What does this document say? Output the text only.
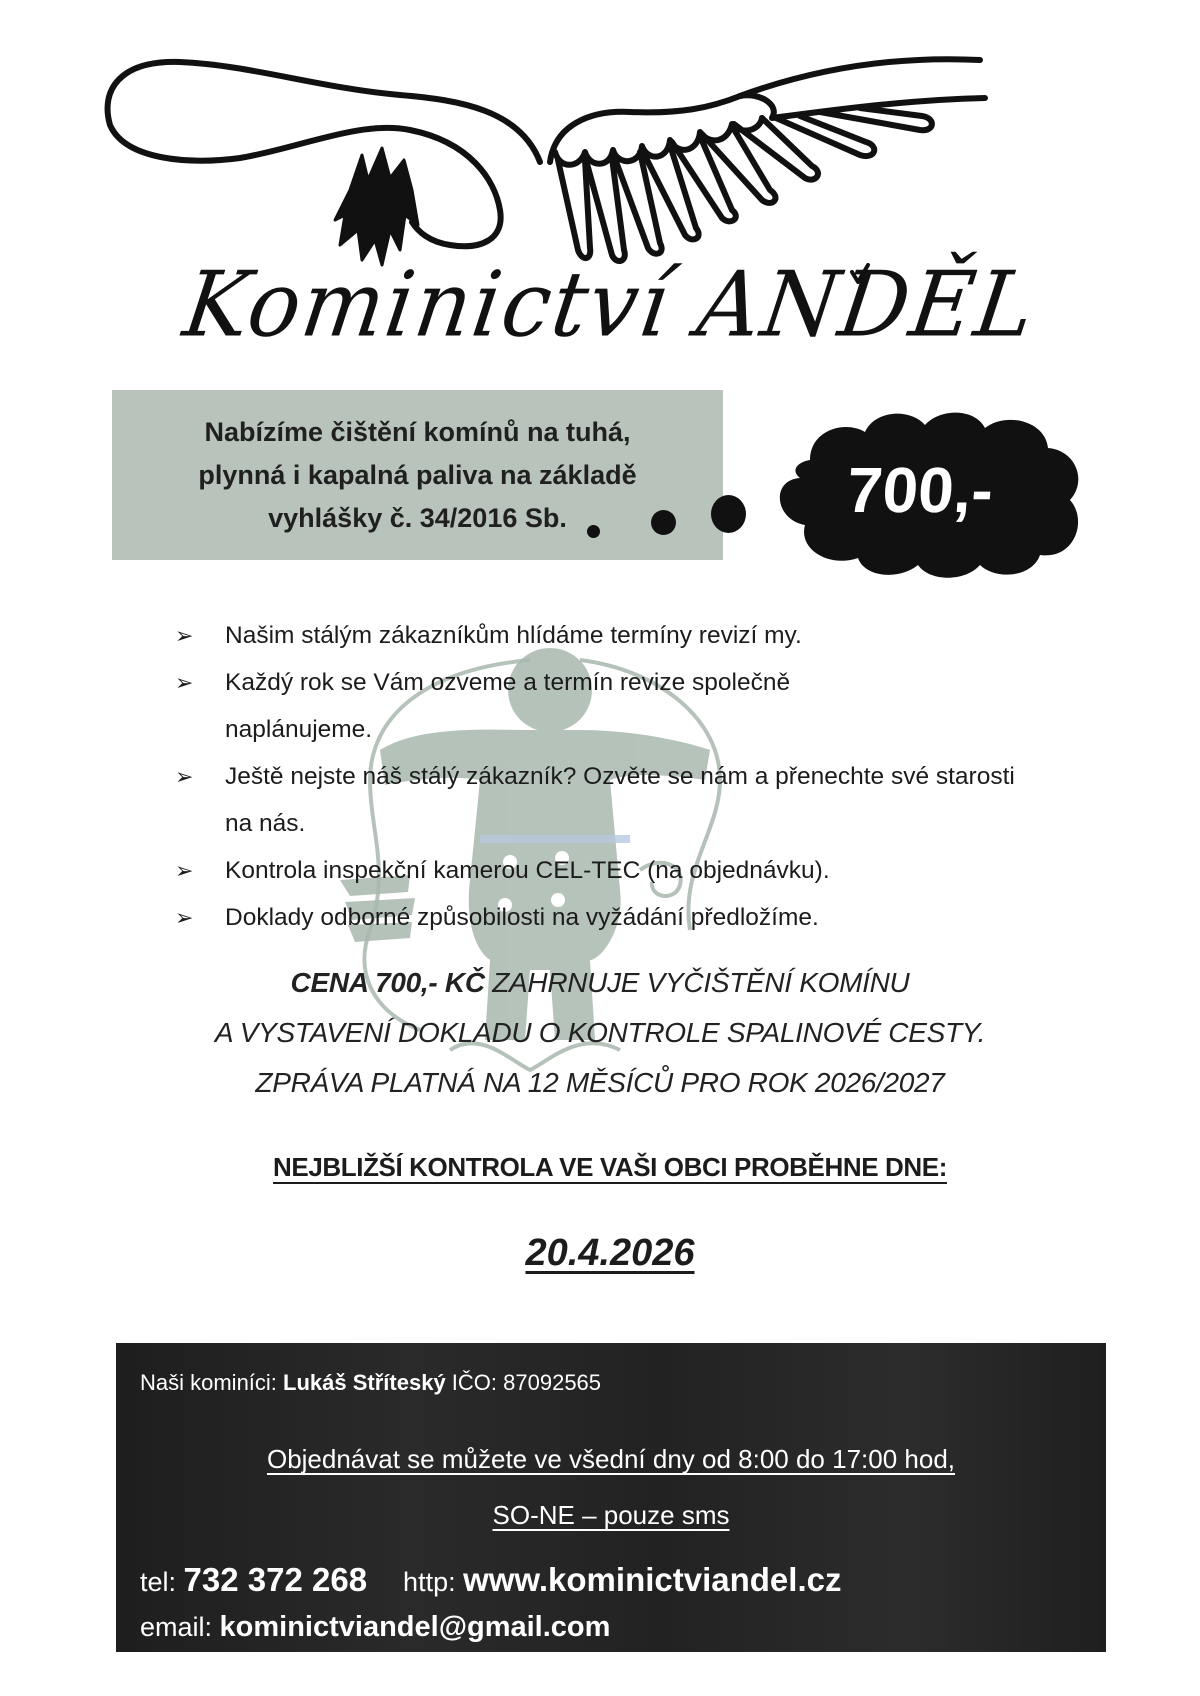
Kominictví ANDĚL
Nabízíme čištění komínů na tuhá,
plynná i kapalná paliva na základě
vyhlášky č. 34/2016 Sb.	700,-
➢	Našim stálým zákazníkům hlídáme termíny revizí my.
➢	Každý rok se Vám ozveme a termín revize společně naplánujeme.
➢	Ještě nejste náš stálý zákazník? Ozvěte se nám a přenechte své starosti na nás.
➢	Kontrola inspekční kamerou CEL-TEC (na objednávku).
➢	Doklady odborné způsobilosti na vyžádání předložíme.
CENA 700,- KČ ZAHRNUJE VYČIŠTĚNÍ KOMÍNU
A VYSTAVENÍ DOKLADU O KONTROLE SPALINOVÉ CESTY.
ZPRÁVA PLATNÁ NA 12 MĚSÍCŮ PRO ROK 2026/2027
NEJBLIŽŠÍ KONTROLA VE VAŠI OBCI PROBĚHNE DNE:
20.4.2026
Naši kominíci: Lukáš Stříteský IČO: 87092565
Objednávat se můžete ve všední dny od 8:00 do 17:00 hod,
SO-NE – pouze sms
tel: 732 372 268 http: www.kominictviandel.cz
email: kominictviandel@gmail.com
